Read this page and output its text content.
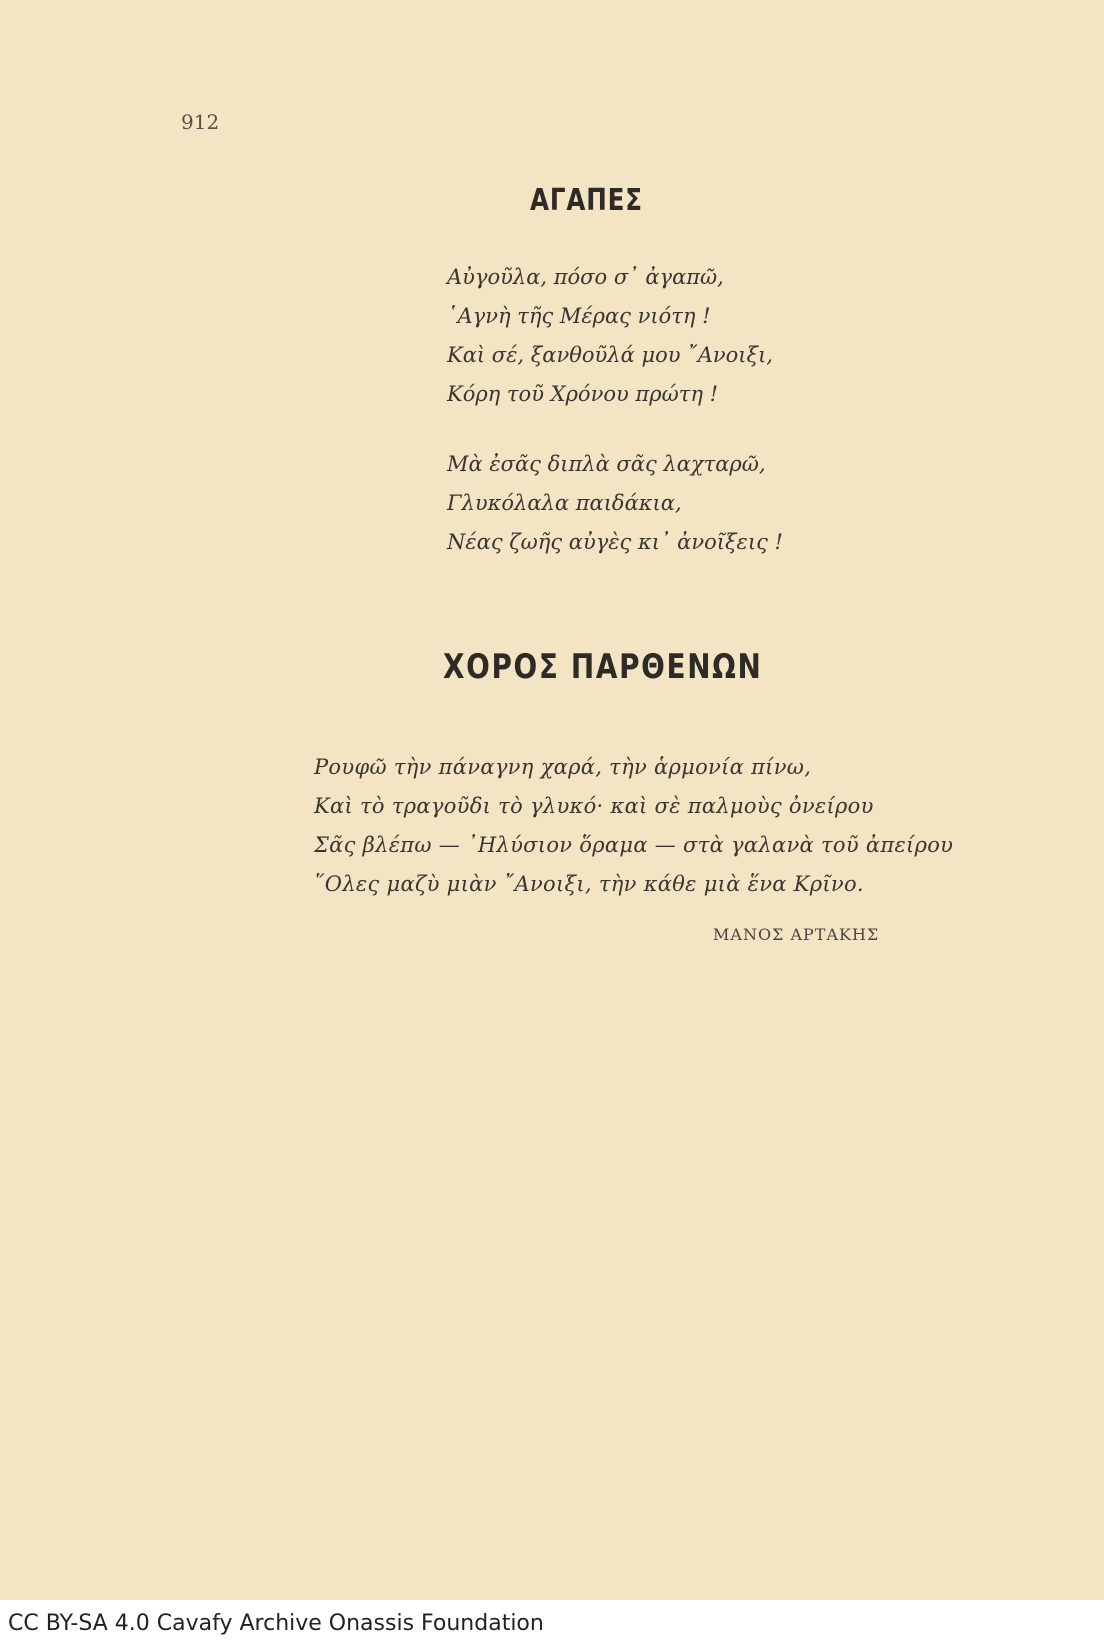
912
ΑΓΑΠΕΣ
Αὐγοῦλα, πόσο σ᾽ ἀγαπῶ,
῾Αγνὴ τῆς Μέρας νιότη !
Καὶ σέ, ξανθοῦλά μου ῎Ανοιξι,
Κόρη τοῦ Χρόνου πρώτη !
Μὰ ἐσᾶς διπλὰ σᾶς λαχταρῶ,
Γλυκόλαλα παιδάκια,
Νέας ζωῆς αὐγὲς κι᾽ ἀνοῖξεις !
ΧΟΡΟΣ ΠΑΡΘΕΝΩΝ
Ρουφῶ τὴν πάναγνη χαρά, τὴν ἁρμονία πίνω,
Καὶ τὸ τραγοῦδι τὸ γλυκό· καὶ σὲ παλμοὺς ὀνείρου
Σᾶς βλέπω — ᾽Ηλύσιον ὅραμα — στὰ γαλανὰ τοῦ ἀπείρου
῞Ολες μαζὺ μιὰν ῎Ανοιξι, τὴν κάθε μιὰ ἕνα Κρῖνο.
ΜΑΝΟΣ ΑΡΤΑΚΗΣ
CC BY-SA 4.0 Cavafy Archive Onassis Foundation
